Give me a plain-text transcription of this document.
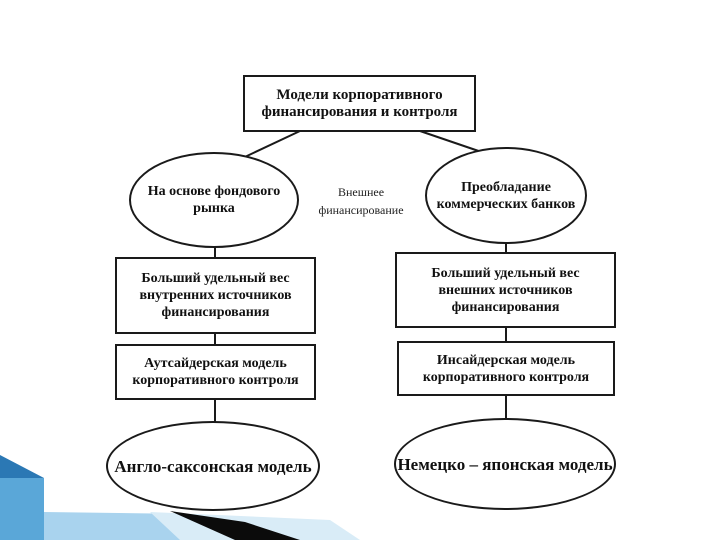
Модели корпоративного
финансирования и контроля
На основе фондового рынка
Внешнее
финансирование
Преобладание коммерческих банков
Больший удельный вес
внутренних источников
финансирования
Больший удельный вес
внешних источников
финансирования
Аутсайдерская модель
корпоративного контроля
Инсайдерская модель
корпоративного контроля
Англо-саксонская модель	Немецко – японская модель
